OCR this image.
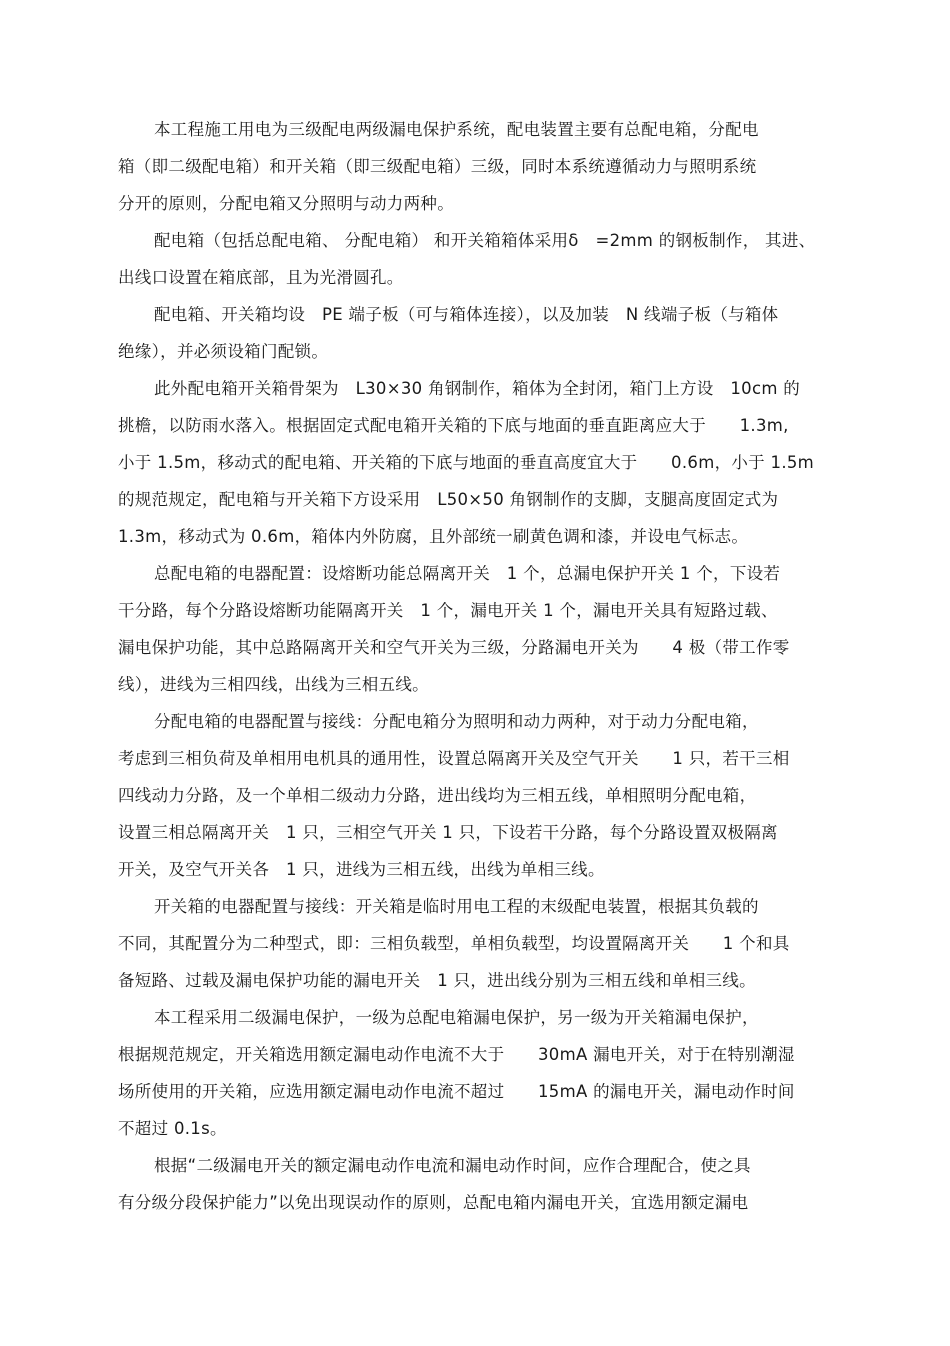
本工程施工用电为三级配电两级漏电保护系统，配电装置主要有总配电箱，分配电
箱（即二级配电箱）和开关箱（即三级配电箱）三级，同时本系统遵循动力与照明系统
分开的原则，分配电箱又分照明与动力两种。
配电箱（包括总配电箱、 分配电箱） 和开关箱箱体采用δ　=2mm 的钢板制作， 其进、
出线口设置在箱底部，且为光滑圆孔。
配电箱、开关箱均设　PE 端子板（可与箱体连接），以及加装　N 线端子板（与箱体
绝缘），并必须设箱门配锁。
此外配电箱开关箱骨架为　L30×30 角钢制作，箱体为全封闭，箱门上方设　10cm 的
挑檐，以防雨水落入。根据固定式配电箱开关箱的下底与地面的垂直距离应大于　　1.3m,
小于 1.5m，移动式的配电箱、开关箱的下底与地面的垂直高度宜大于　　0.6m，小于 1.5m
的规范规定，配电箱与开关箱下方设采用　L50×50 角钢制作的支脚，支腿高度固定式为
1.3m，移动式为 0.6m，箱体内外防腐，且外部统一刷黄色调和漆，并设电气标志。
总配电箱的电器配置：设熔断功能总隔离开关　1 个，总漏电保护开关 1 个，下设若
干分路，每个分路设熔断功能隔离开关　1 个，漏电开关 1 个，漏电开关具有短路过载、
漏电保护功能，其中总路隔离开关和空气开关为三级，分路漏电开关为　　4 极（带工作零
线），进线为三相四线，出线为三相五线。
分配电箱的电器配置与接线：分配电箱分为照明和动力两种，对于动力分配电箱，
考虑到三相负荷及单相用电机具的通用性，设置总隔离开关及空气开关　　1 只，若干三相
四线动力分路，及一个单相二级动力分路，进出线均为三相五线，单相照明分配电箱，
设置三相总隔离开关　1 只，三相空气开关 1 只，下设若干分路，每个分路设置双极隔离
开关，及空气开关各　1 只，进线为三相五线，出线为单相三线。
开关箱的电器配置与接线：开关箱是临时用电工程的末级配电装置，根据其负载的
不同，其配置分为二种型式，即：三相负载型，单相负载型，均设置隔离开关　　1 个和具
备短路、过载及漏电保护功能的漏电开关　1 只，进出线分别为三相五线和单相三线。
本工程采用二级漏电保护，一级为总配电箱漏电保护，另一级为开关箱漏电保护，
根据规范规定，开关箱选用额定漏电动作电流不大于　　30mA 漏电开关，对于在特别潮湿
场所使用的开关箱，应选用额定漏电动作电流不超过　　15mA 的漏电开关，漏电动作时间
不超过 0.1s。
根据“二级漏电开关的额定漏电动作电流和漏电动作时间，应作合理配合，使之具
有分级分段保护能力”以免出现误动作的原则，总配电箱内漏电开关，宜选用额定漏电
